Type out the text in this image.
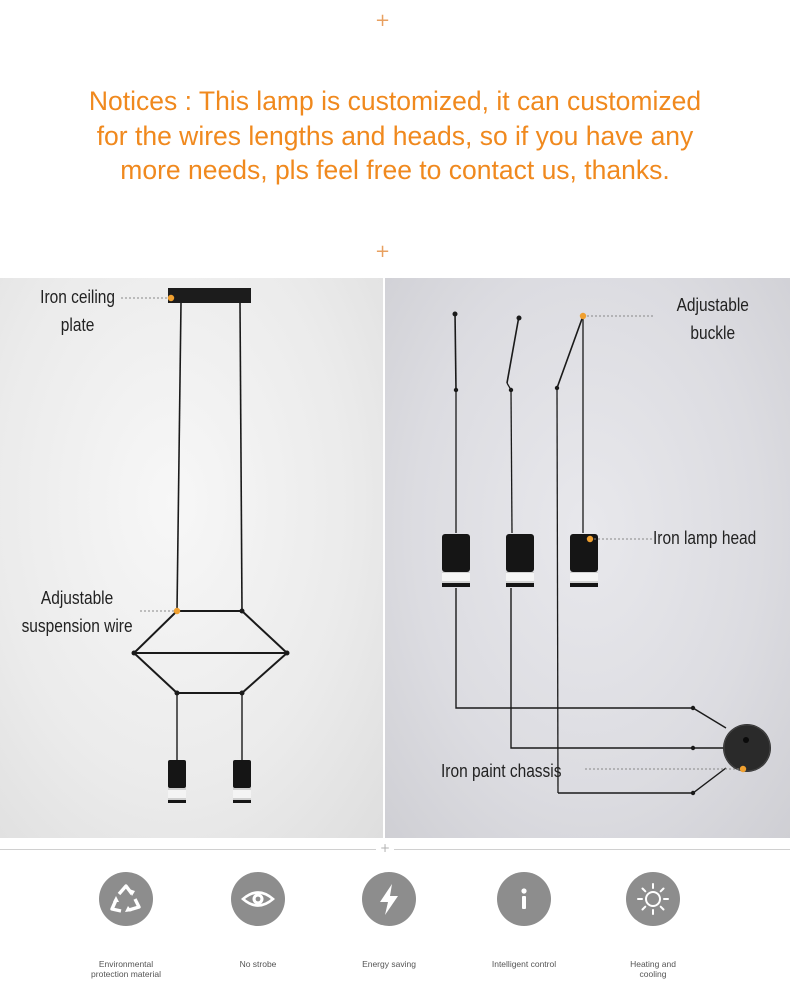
+
+
Notices : This lamp is customized, it can customized
for the wires lengths and heads, so if you have any
more needs, pls feel free to contact us, thanks.
Iron ceiling
plate
Adjustable
suspension wire
Adjustable
buckle
Iron lamp head
Iron paint chassis
+
Environmental
protection material
No strobe	Energy saving	Intelligent control	Heating and
cooling
